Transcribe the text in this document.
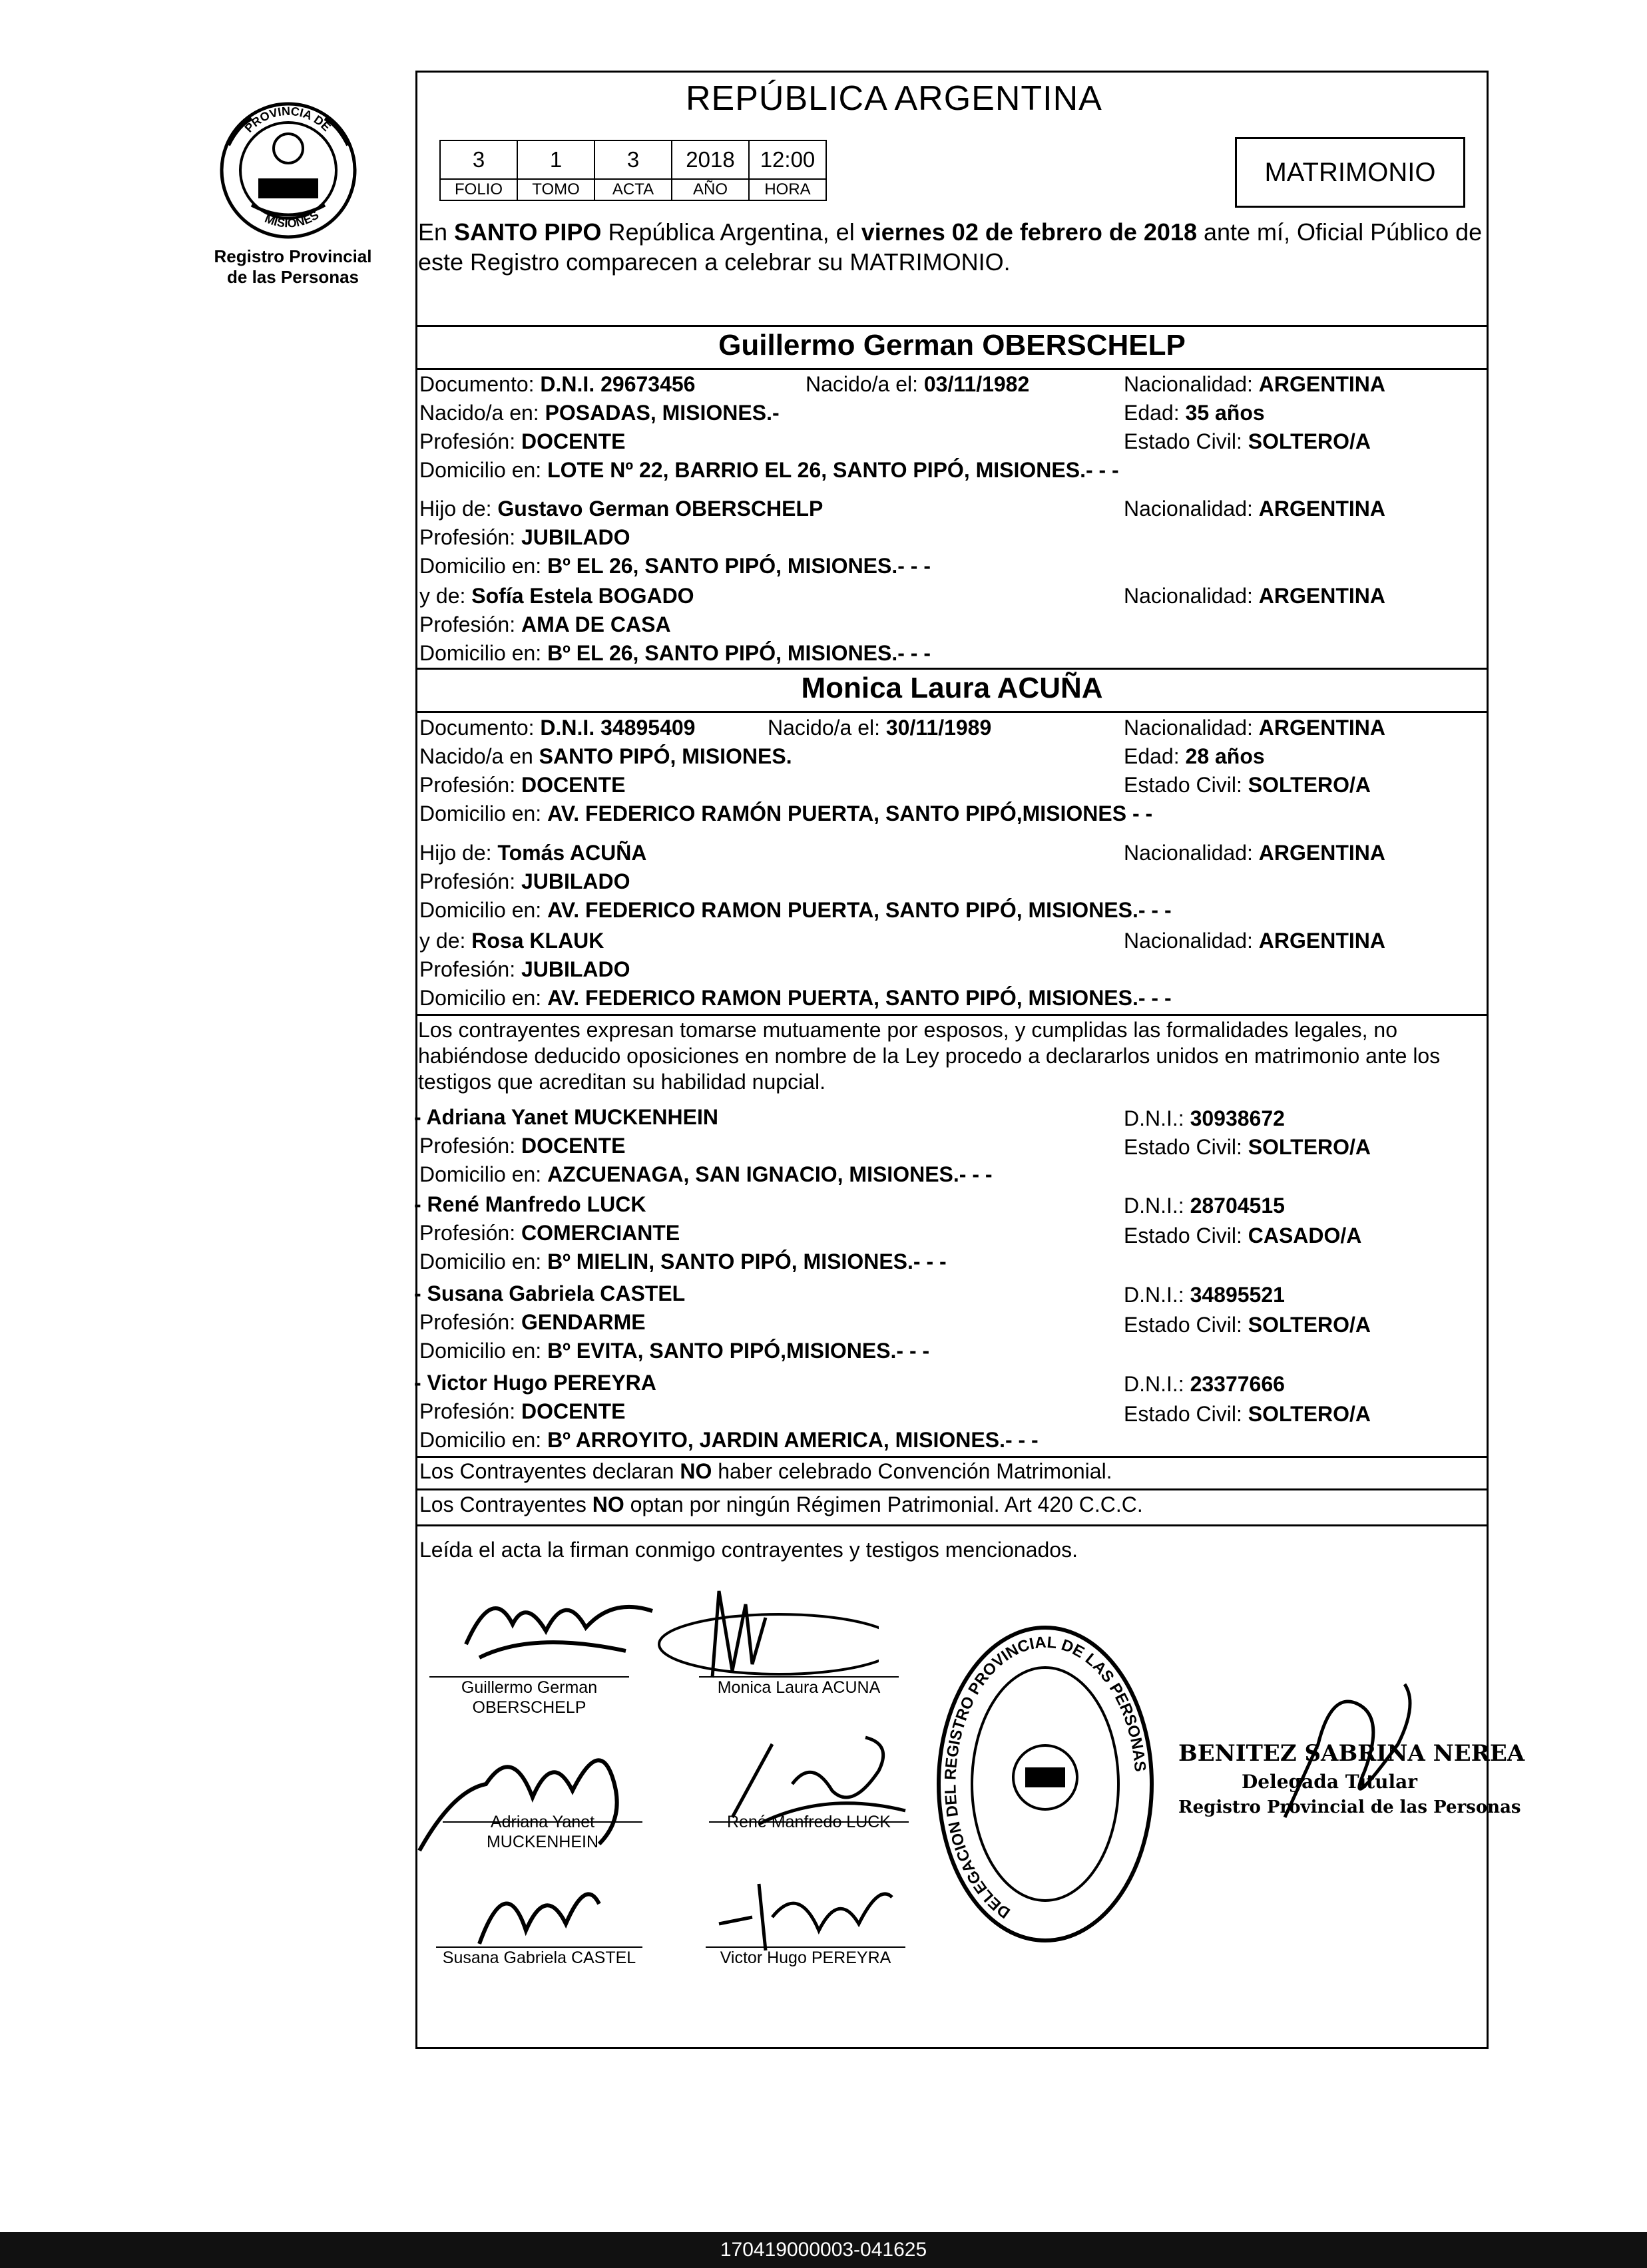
PROVINCIA DE
MISIONES
Registro Provincial
de las Personas
REPÚBLICA ARGENTINA
3	1	3	2018	12:00
FOLIO	TOMO	ACTA	AÑO	HORA
MATRIMONIO
En SANTO PIPO República Argentina, el viernes 02 de febrero de 2018 ante mí, Oficial Público de este Registro comparecen a celebrar su MATRIMONIO.
Guillermo German OBERSCHELP
Documento: D.N.I. 29673456	Nacido/a el: 03/11/1982	Nacionalidad: ARGENTINA
Nacido/a en: POSADAS, MISIONES.-	Edad: 35 años
Profesión: DOCENTE	Estado Civil: SOLTERO/A
Domicilio en: LOTE Nº 22, BARRIO EL 26, SANTO PIPÓ, MISIONES.- - -
Hijo de: Gustavo German OBERSCHELP	Nacionalidad: ARGENTINA
Profesión: JUBILADO
Domicilio en: Bº EL 26, SANTO PIPÓ, MISIONES.- - -
y de: Sofía Estela BOGADO	Nacionalidad: ARGENTINA
Profesión: AMA DE CASA
Domicilio en: Bº EL 26, SANTO PIPÓ, MISIONES.- - -
Monica Laura ACUÑA
Documento: D.N.I. 34895409	Nacido/a el: 30/11/1989	Nacionalidad: ARGENTINA
Nacido/a en SANTO PIPÓ, MISIONES.	Edad: 28 años
Profesión: DOCENTE	Estado Civil: SOLTERO/A
Domicilio en: AV. FEDERICO RAMÓN PUERTA, SANTO PIPÓ,MISIONES - -
Hijo de: Tomás ACUÑA	Nacionalidad: ARGENTINA
Profesión: JUBILADO
Domicilio en: AV. FEDERICO RAMON PUERTA, SANTO PIPÓ, MISIONES.- - -
y de: Rosa KLAUK	Nacionalidad: ARGENTINA
Profesión: JUBILADO
Domicilio en: AV. FEDERICO RAMON PUERTA, SANTO PIPÓ, MISIONES.- - -
Los contrayentes expresan tomarse mutuamente por esposos, y cumplidas las formalidades legales, no habiéndose deducido oposiciones en nombre de la Ley procedo a declararlos unidos en matrimonio ante los testigos que acreditan su habilidad nupcial.
- Adriana Yanet MUCKENHEIN	D.N.I.: 30938672
Profesión: DOCENTE	Estado Civil: SOLTERO/A
Domicilio en: AZCUENAGA, SAN IGNACIO, MISIONES.- - -
- René Manfredo LUCK	D.N.I.: 28704515
Profesión: COMERCIANTE	Estado Civil: CASADO/A
Domicilio en: Bº MIELIN, SANTO PIPÓ, MISIONES.- - -
- Susana Gabriela CASTEL	D.N.I.: 34895521
Profesión: GENDARME	Estado Civil: SOLTERO/A
Domicilio en: Bº EVITA, SANTO PIPÓ,MISIONES.- - -
- Victor Hugo PEREYRA	D.N.I.: 23377666
Profesión: DOCENTE	Estado Civil: SOLTERO/A
Domicilio en: Bº ARROYITO, JARDIN AMERICA, MISIONES.- - -
Los Contrayentes declaran NO haber celebrado Convención Matrimonial.
Los Contrayentes NO optan por ningún Régimen Patrimonial. Art 420 C.C.C.
Leída el acta la firman conmigo contrayentes y testigos mencionados.
Guillermo German
OBERSCHELP
Monica Laura ACUNA
Adriana Yanet
MUCKENHEIN
René Manfredo LUCK
Susana Gabriela CASTEL	Victor Hugo PEREYRA
DELEGACION DEL REGISTRO PROVINCIAL DE LAS PERSONAS BENITEZ SABRINA NEREA
Delegada Titular
Registro Provincial de las Personas
170419000003-041625
